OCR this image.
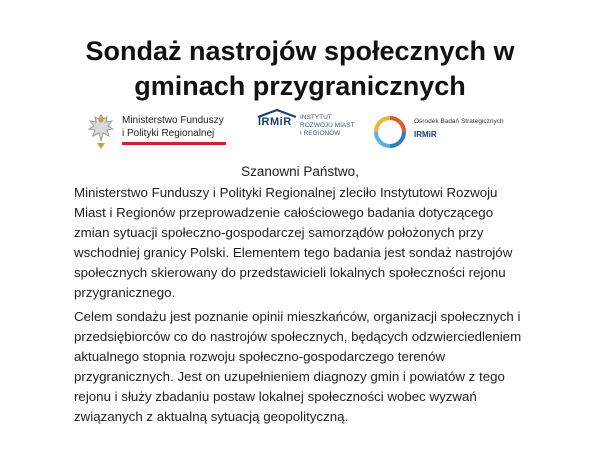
Sondaż nastrojów społecznych w gminach przygranicznych
Ministerstwo Funduszy
i Polityki Regionalnej
IRMiR INSTYTUT
ROZWOJU MIAST
I REGIONÓW
Ośrodek Badań Strategicznych
IRMiR
Szanowni Państwo,

Ministerstwo Funduszy i Polityki Regionalnej zleciło Instytutowi Rozwoju Miast i Regionów przeprowadzenie całościowego badania dotyczącego zmian sytuacji społeczno-gospodarczej samorządów położonych przy wschodniej granicy Polski. Elementem tego badania jest sondaż nastrojów społecznych skierowany do przedstawicieli lokalnych społeczności rejonu przygranicznego.

Celem sondażu jest poznanie opinii mieszkańców, organizacji społecznych i przedsiębiorców co do nastrojów społecznych, będących odzwierciedleniem aktualnego stopnia rozwoju społeczno-gospodarczego terenów przygranicznych. Jest on uzupełnieniem diagnozy gmin i powiatów z tego rejonu i służy zbadaniu postaw lokalnej społeczności wobec wyzwań związanych z aktualną sytuacją geopolityczną.
